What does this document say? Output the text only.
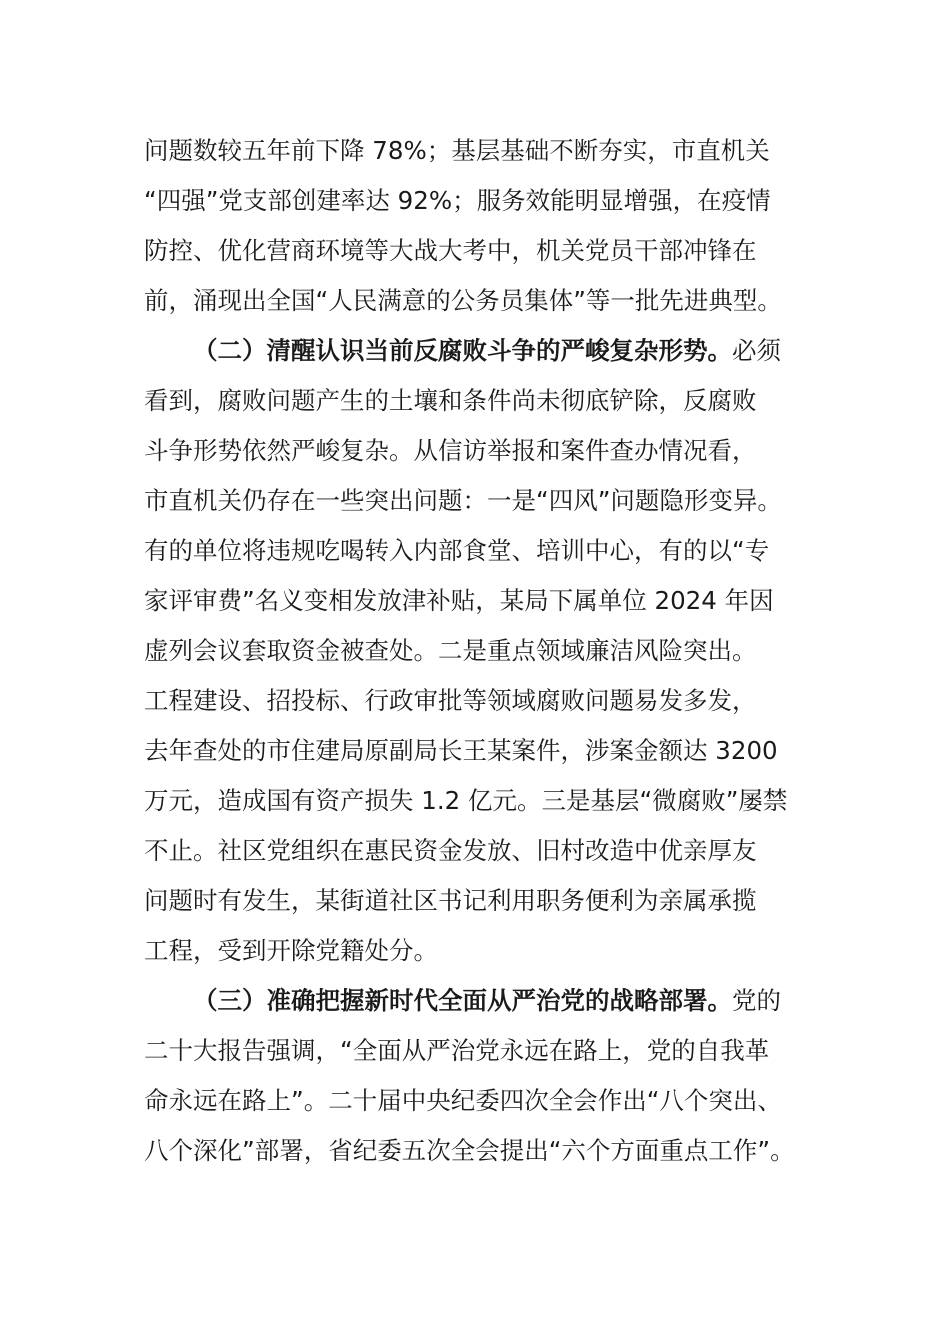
问题数较五年前下降 78%；基层基础不断夯实，市直机关
“四强”党支部创建率达 92%；服务效能明显增强，在疫情
防控、优化营商环境等大战大考中，机关党员干部冲锋在
前，涌现出全国“人民满意的公务员集体”等一批先进典型。
（二）清醒认识当前反腐败斗争的严峻复杂形势。必须
看到，腐败问题产生的土壤和条件尚未彻底铲除，反腐败
斗争形势依然严峻复杂。从信访举报和案件查办情况看，
市直机关仍存在一些突出问题：一是“四风”问题隐形变异。
有的单位将违规吃喝转入内部食堂、培训中心，有的以“专
家评审费”名义变相发放津补贴，某局下属单位 2024 年因
虚列会议套取资金被查处。二是重点领域廉洁风险突出。
工程建设、招投标、行政审批等领域腐败问题易发多发，
去年查处的市住建局原副局长王某案件，涉案金额达 3200
万元，造成国有资产损失 1.2 亿元。三是基层“微腐败”屡禁
不止。社区党组织在惠民资金发放、旧村改造中优亲厚友
问题时有发生，某街道社区书记利用职务便利为亲属承揽
工程，受到开除党籍处分。
（三）准确把握新时代全面从严治党的战略部署。党的
二十大报告强调，“全面从严治党永远在路上，党的自我革
命永远在路上”。二十届中央纪委四次全会作出“八个突出、
八个深化”部署，省纪委五次全会提出“六个方面重点工作”。
